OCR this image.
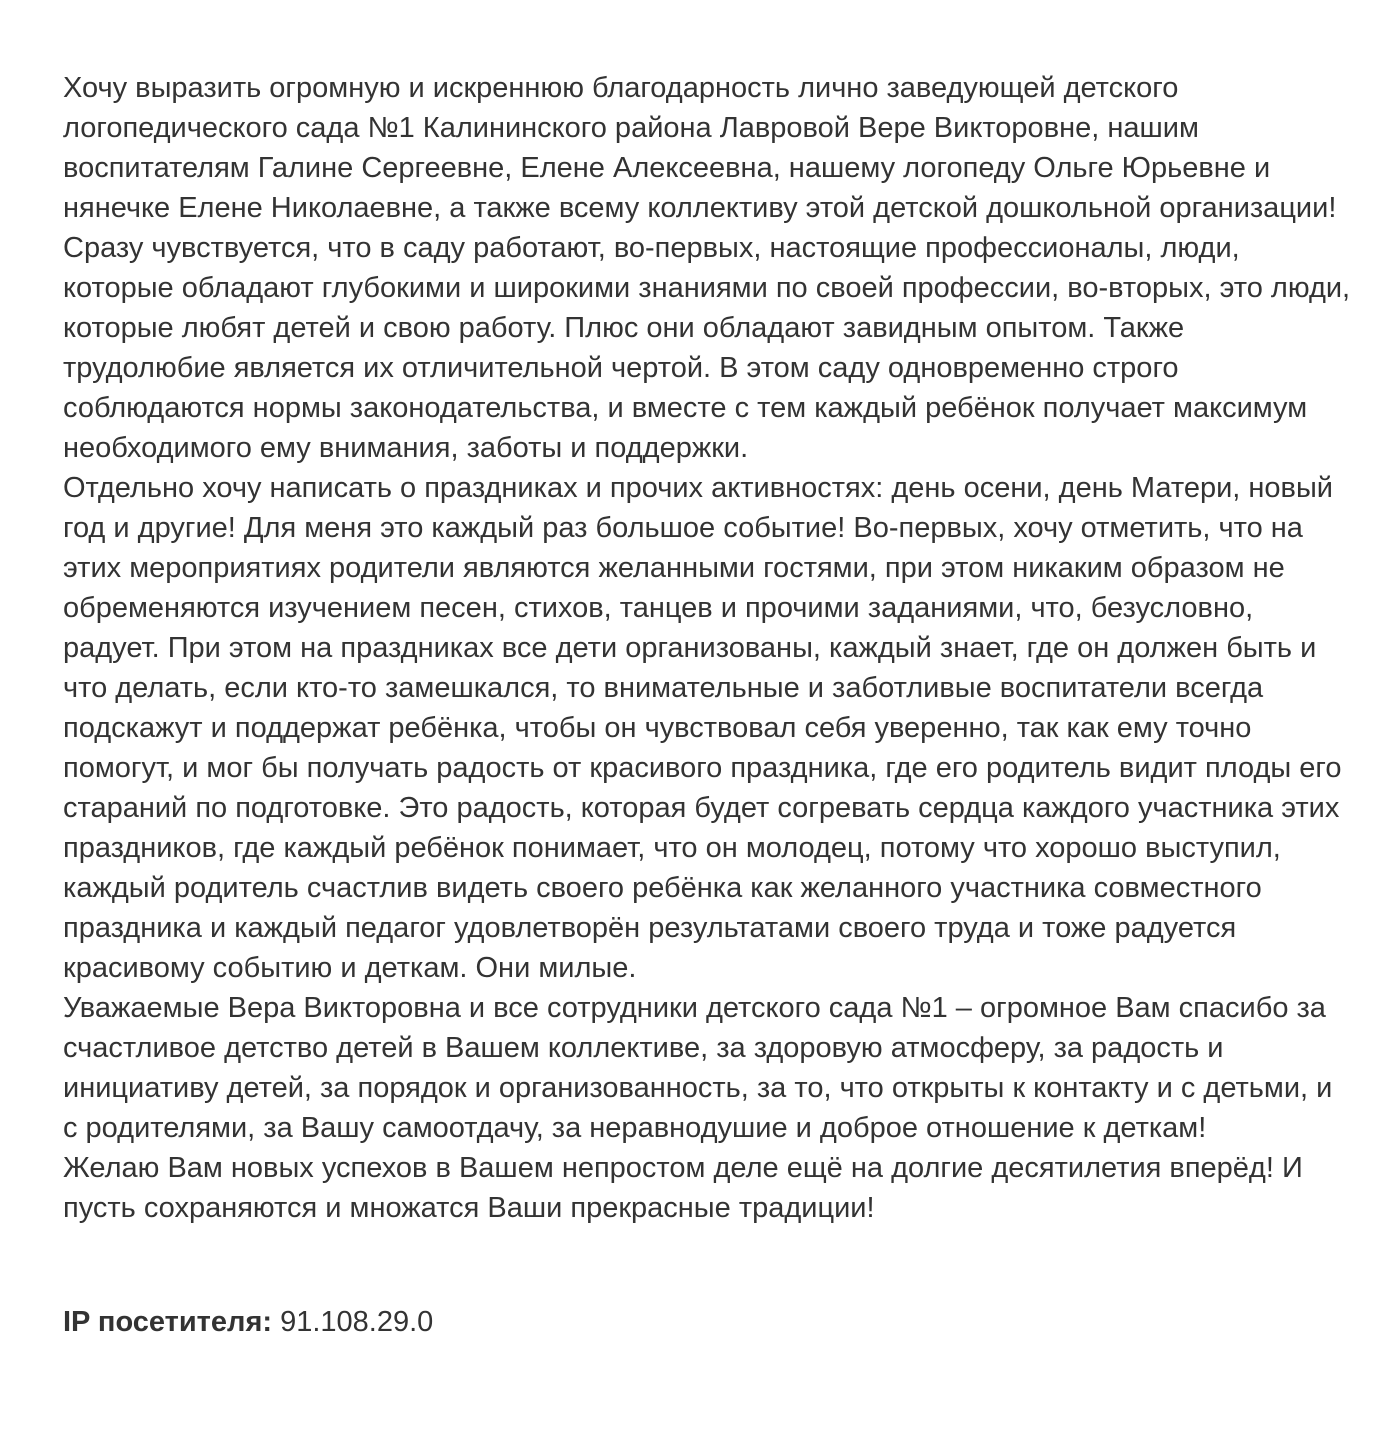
Хочу выразить огромную и искреннюю благодарность лично заведующей детского логопедического сада №1 Калининского района Лавровой Вере Викторовне, нашим воспитателям Галине Сергеевне, Елене Алексеевна, нашему логопеду Ольге Юрьевне и нянечке Елене Николаевне, а также всему коллективу этой детской дошкольной организации!

Сразу чувствуется, что в саду работают, во-первых, настоящие профессионалы, люди, которые обладают глубокими и широкими знаниями по своей профессии, во-вторых, это люди, которые любят детей и свою работу. Плюс они обладают завидным опытом. Также трудолюбие является их отличительной чертой. В этом саду одновременно строго соблюдаются нормы законодательства, и вместе с тем каждый ребёнок получает максимум необходимого ему внимания, заботы и поддержки.

Отдельно хочу написать о праздниках и прочих активностях: день осени, день Матери, новый год и другие! Для меня это каждый раз большое событие! Во-первых, хочу отметить, что на этих мероприятиях родители являются желанными гостями, при этом никаким образом не обременяются изучением песен, стихов, танцев и прочими заданиями, что, безусловно, радует. При этом на праздниках все дети организованы, каждый знает, где он должен быть и что делать, если кто-то замешкался, то внимательные и заботливые воспитатели всегда подскажут и поддержат ребёнка, чтобы он чувствовал себя уверенно, так как ему точно помогут, и мог бы получать радость от красивого праздника, где его родитель видит плоды его стараний по подготовке. Это радость, которая будет согревать сердца каждого участника этих праздников, где каждый ребёнок понимает, что он молодец, потому что хорошо выступил, каждый родитель счастлив видеть своего ребёнка как желанного участника совместного праздника и каждый педагог удовлетворён результатами своего труда и тоже радуется красивому событию и деткам. Они милые.

Уважаемые Вера Викторовна и все сотрудники детского сада №1 – огромное Вам спасибо за счастливое детство детей в Вашем коллективе, за здоровую атмосферу, за радость и инициативу детей, за порядок и организованность, за то, что открыты к контакту и с детьми, и с родителями, за Вашу самоотдачу, за неравнодушие и доброе отношение к деткам!

Желаю Вам новых успехов в Вашем непростом деле ещё на долгие десятилетия вперёд! И пусть сохраняются и множатся Ваши прекрасные традиции!

IP посетителя: 91.108.29.0
